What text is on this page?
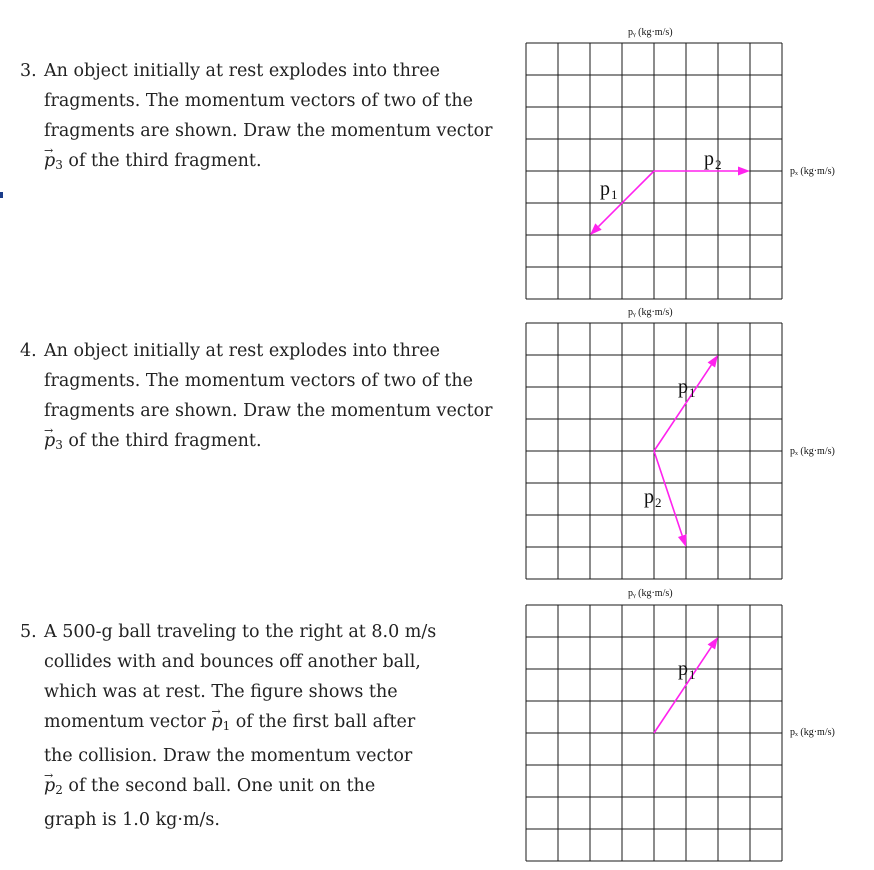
3. An object initially at rest explodes into three
fragments. The momentum vectors of two of the
fragments are shown. Draw the momentum vector
→ $p_3$ of the third fragment.
4. An object initially at rest explodes into three
fragments. The momentum vectors of two of the
fragments are shown. Draw the momentum vector
→ $p_3$ of the third fragment.
5. A 500-g ball traveling to the right at 8.0 m/s
collides with and bounces off another ball,
which was at rest. The figure shows the
momentum vector → $p_1$ of the first ball after
the collision. Draw the momentum vector
→ $p_2$ of the second ball. One unit on the
graph is 1.0 kg·m/s.
pᵧ (kg·m/s)
pₓ (kg·m/s)
pᵧ (kg·m/s)
pₓ (kg·m/s)
pᵧ (kg·m/s)
pₓ (kg·m/s)
p 1
p 2
p 1
p 2
p 1
